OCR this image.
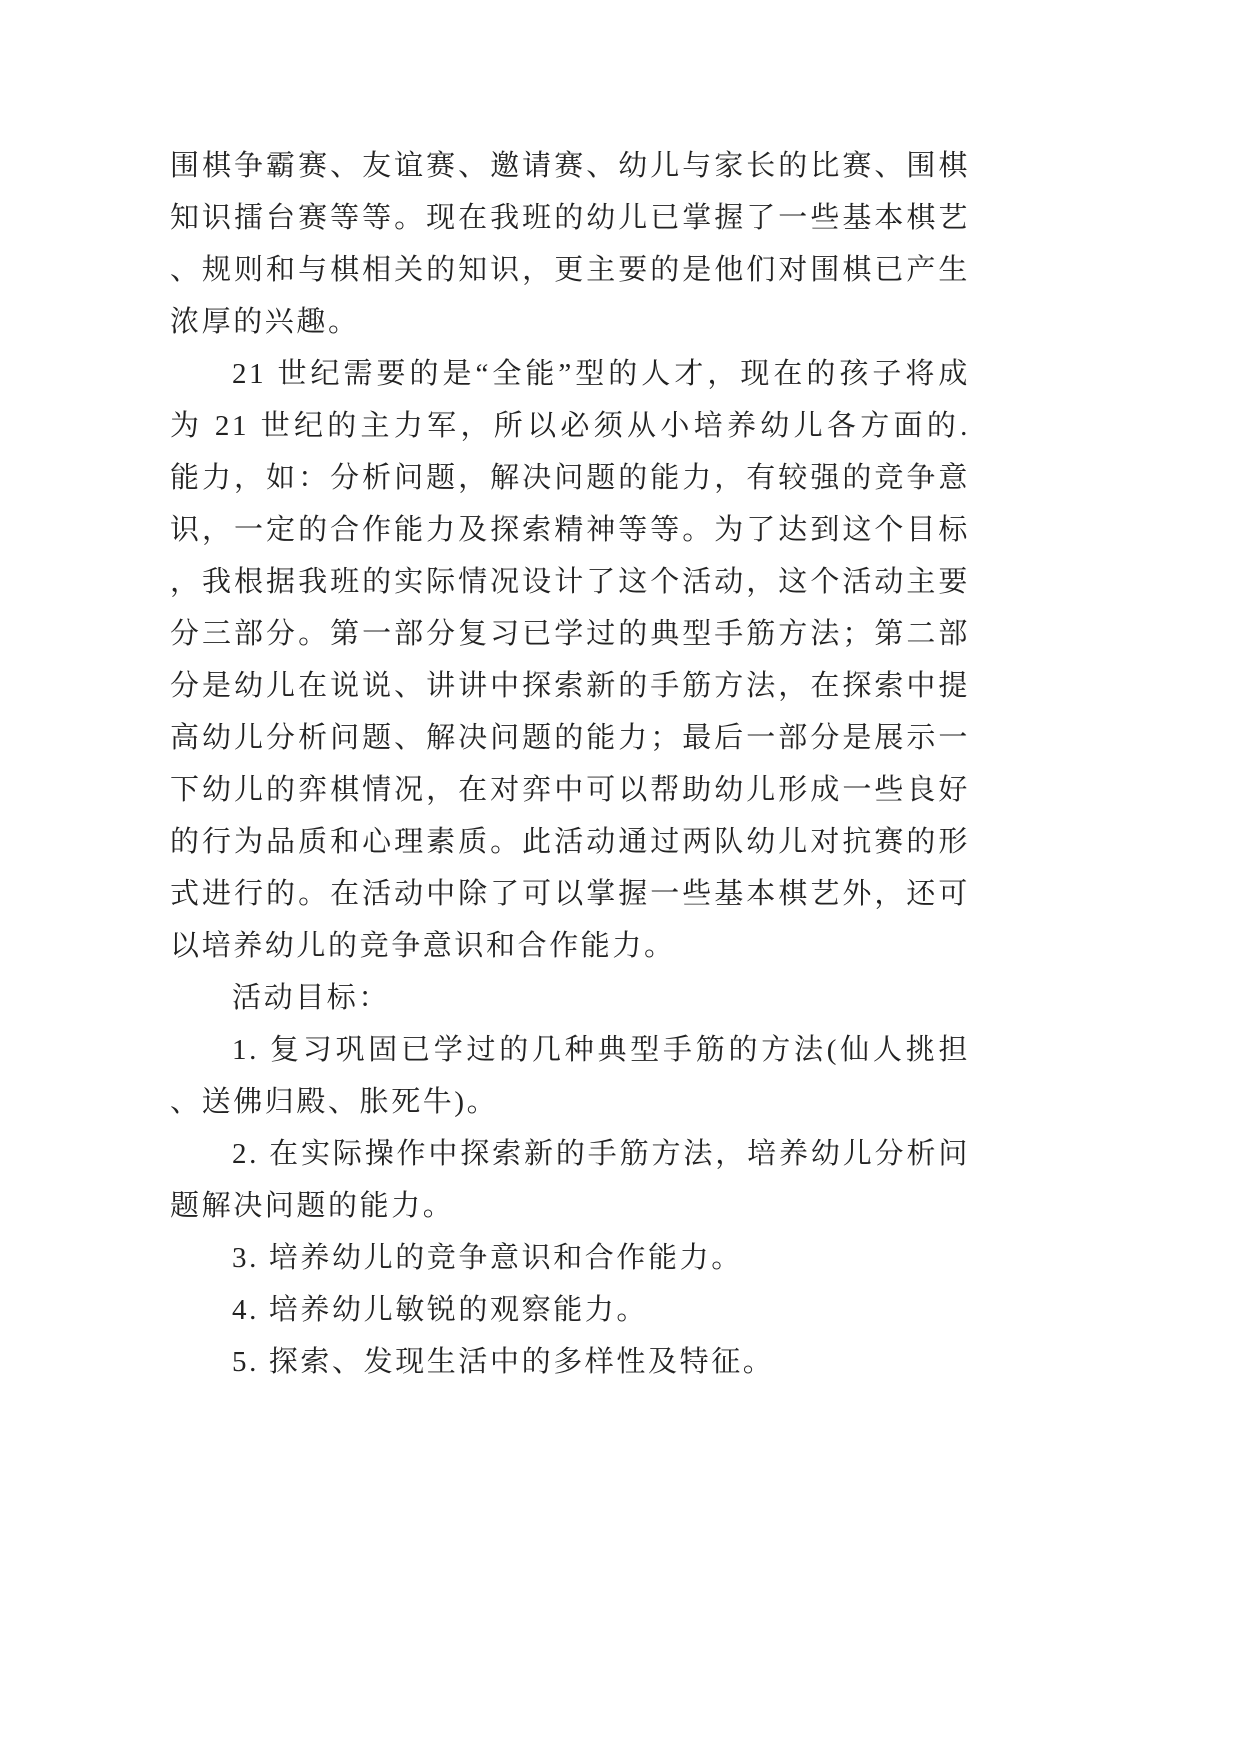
围棋争霸赛、友谊赛、邀请赛、幼儿与家长的比赛、围棋知识擂台赛等等。现在我班的幼儿已掌握了一些基本棋艺、规则和与棋相关的知识，更主要的是他们对围棋已产生浓厚的兴趣。

21 世纪需要的是“全能”型的人才，现在的孩子将成为 21 世纪的主力军，所以必须从小培养幼儿各方面的. 能力，如：分析问题，解决问题的能力，有较强的竞争意识，一定的合作能力及探索精神等等。为了达到这个目标，我根据我班的实际情况设计了这个活动，这个活动主要分三部分。第一部分复习已学过的典型手筋方法；第二部分是幼儿在说说、讲讲中探索新的手筋方法，在探索中提高幼儿分析问题、解决问题的能力；最后一部分是展示一下幼儿的弈棋情况，在对弈中可以帮助幼儿形成一些良好的行为品质和心理素质。此活动通过两队幼儿对抗赛的形式进行的。在活动中除了可以掌握一些基本棋艺外，还可以培养幼儿的竞争意识和合作能力。

活动目标：

1. 复习巩固已学过的几种典型手筋的方法(仙人挑担、送佛归殿、胀死牛)。
2. 在实际操作中探索新的手筋方法，培养幼儿分析问题解决问题的能力。
3. 培养幼儿的竞争意识和合作能力。
4. 培养幼儿敏锐的观察能力。
5. 探索、发现生活中的多样性及特征。
